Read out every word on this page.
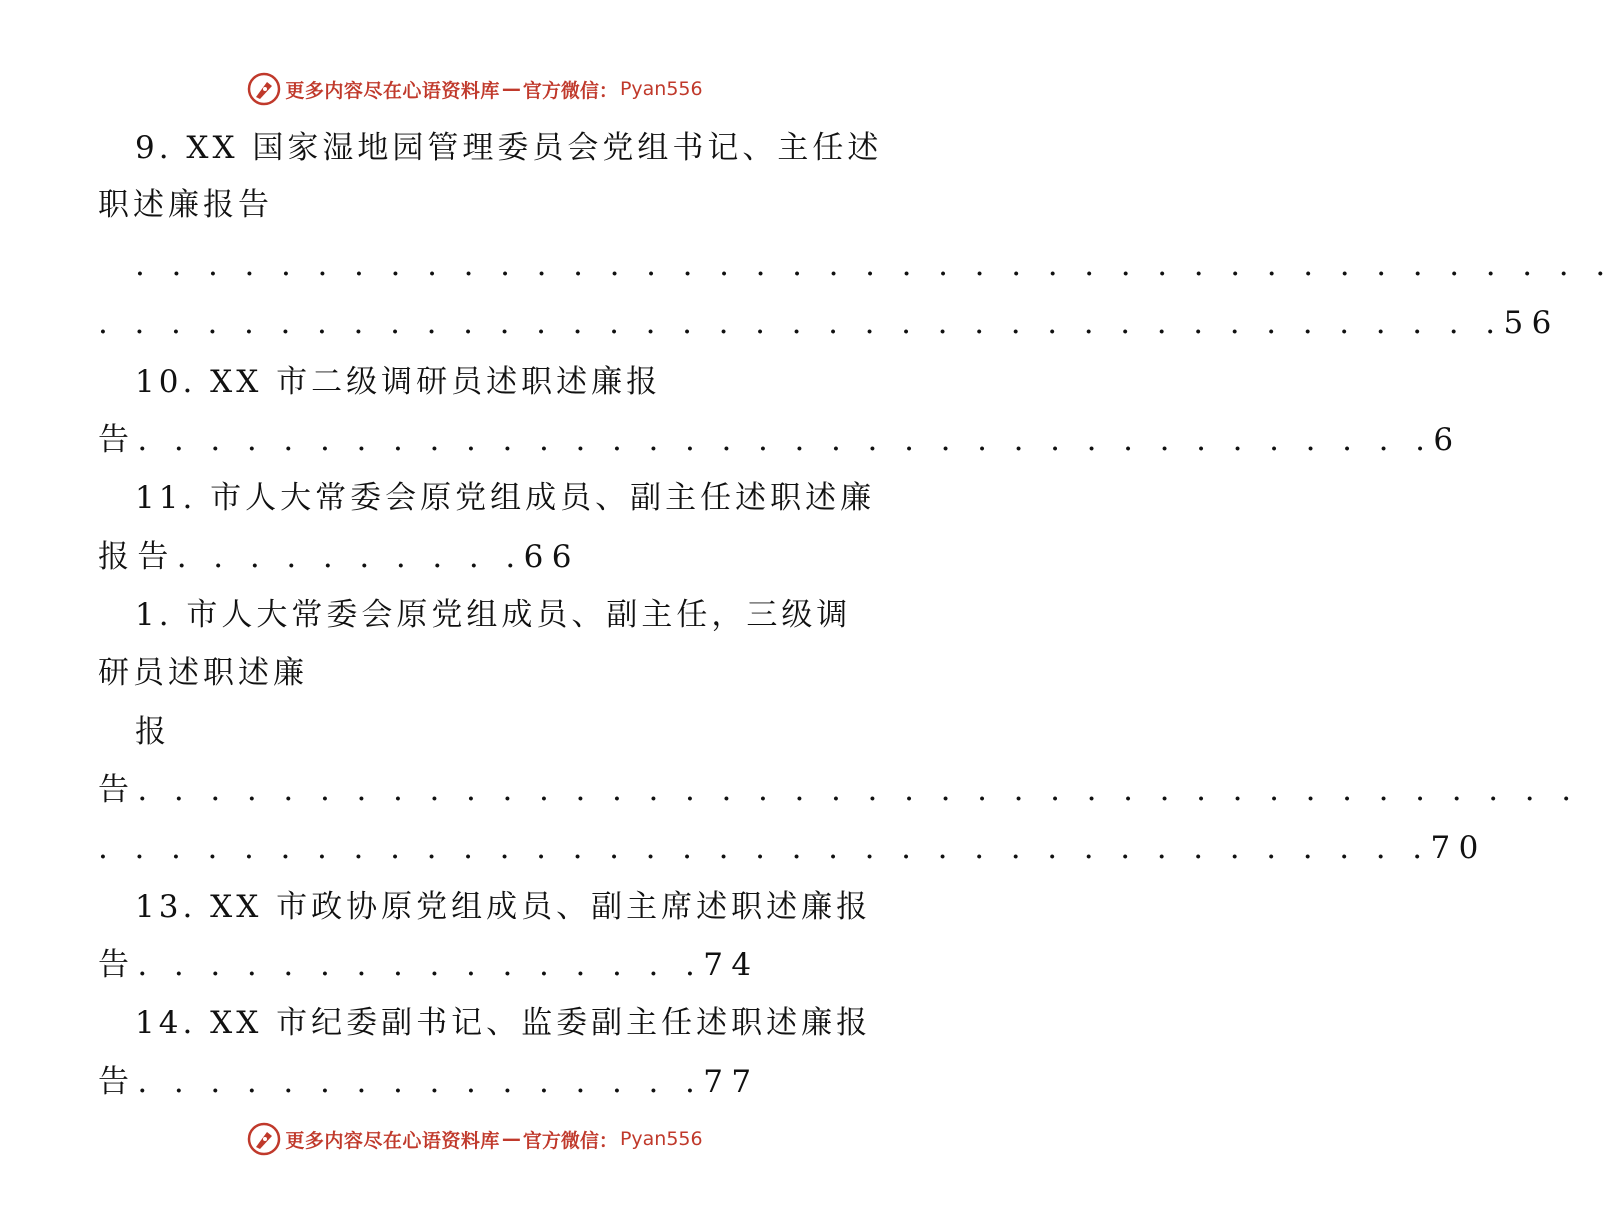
更多内容尽在心语资料库 — 官方微信： Pyan556
9. XX 国家湿地园管理委员会党组书记、主任述
职述廉报告
. . . . . . . . . . . . . . . . . . . . . . . . . . . . . . . . . . . . . . . . .
. . . . . . . . . . . . . . . . . . . . . . . . . . . . . . . . . . . . . . .56
10. XX 市二级调研员述职述廉报
告. . . . . . . . . . . . . . . . . . . . . . . . . . . . . . . . . . . .6
11. 市人大常委会原党组成员、副主任述职述廉
报告. . . . . . . . . .66
1. 市人大常委会原党组成员、副主任，三级调
研员述职述廉
报
告. . . . . . . . . . . . . . . . . . . . . . . . . . . . . . . . . . . . . . . .
. . . . . . . . . . . . . . . . . . . . . . . . . . . . . . . . . . . . .70
13. XX 市政协原党组成员、副主席述职述廉报
告. . . . . . . . . . . . . . . .74
14. XX 市纪委副书记、监委副主任述职述廉报
告. . . . . . . . . . . . . . . .77
更多内容尽在心语资料库 — 官方微信： Pyan556
